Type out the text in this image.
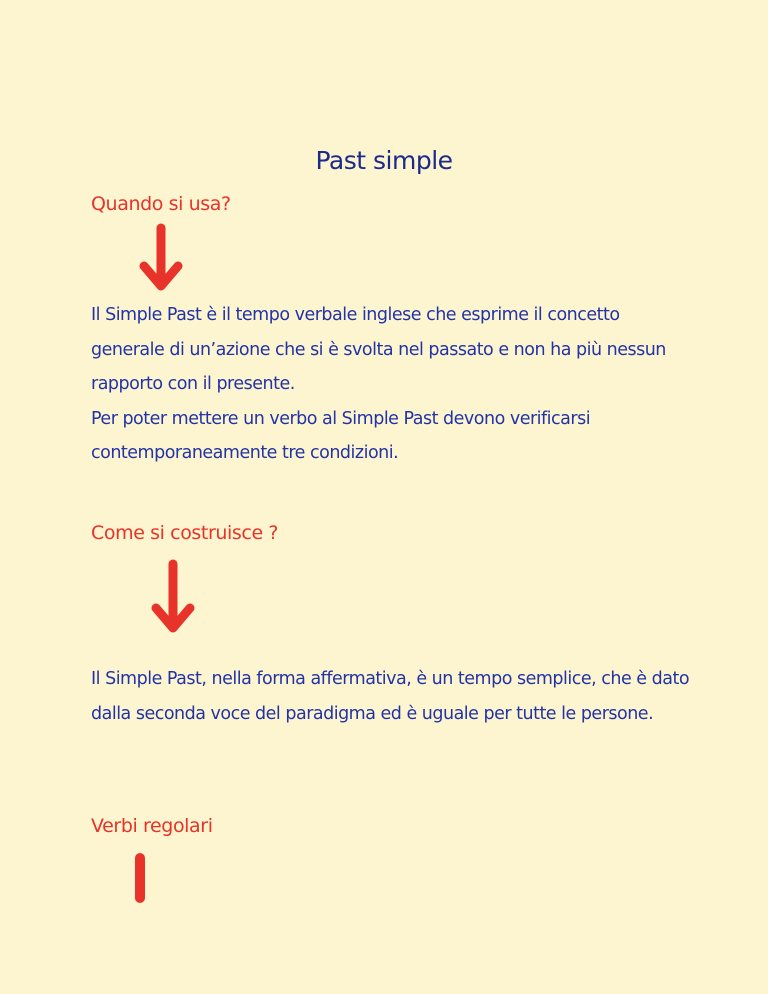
Past simple
Quando si usa?

Il Simple Past è il tempo verbale inglese che esprime il concetto generale di un’azione che si è svolta nel passato e non ha più nessun rapporto con il presente.

Per poter mettere un verbo al Simple Past devono verificarsi contemporaneamente tre condizioni.

Come si costruisce ?

Il Simple Past, nella forma affermativa, è un tempo semplice, che è dato dalla seconda voce del paradigma ed è uguale per tutte le persone.

Verbi regolari
